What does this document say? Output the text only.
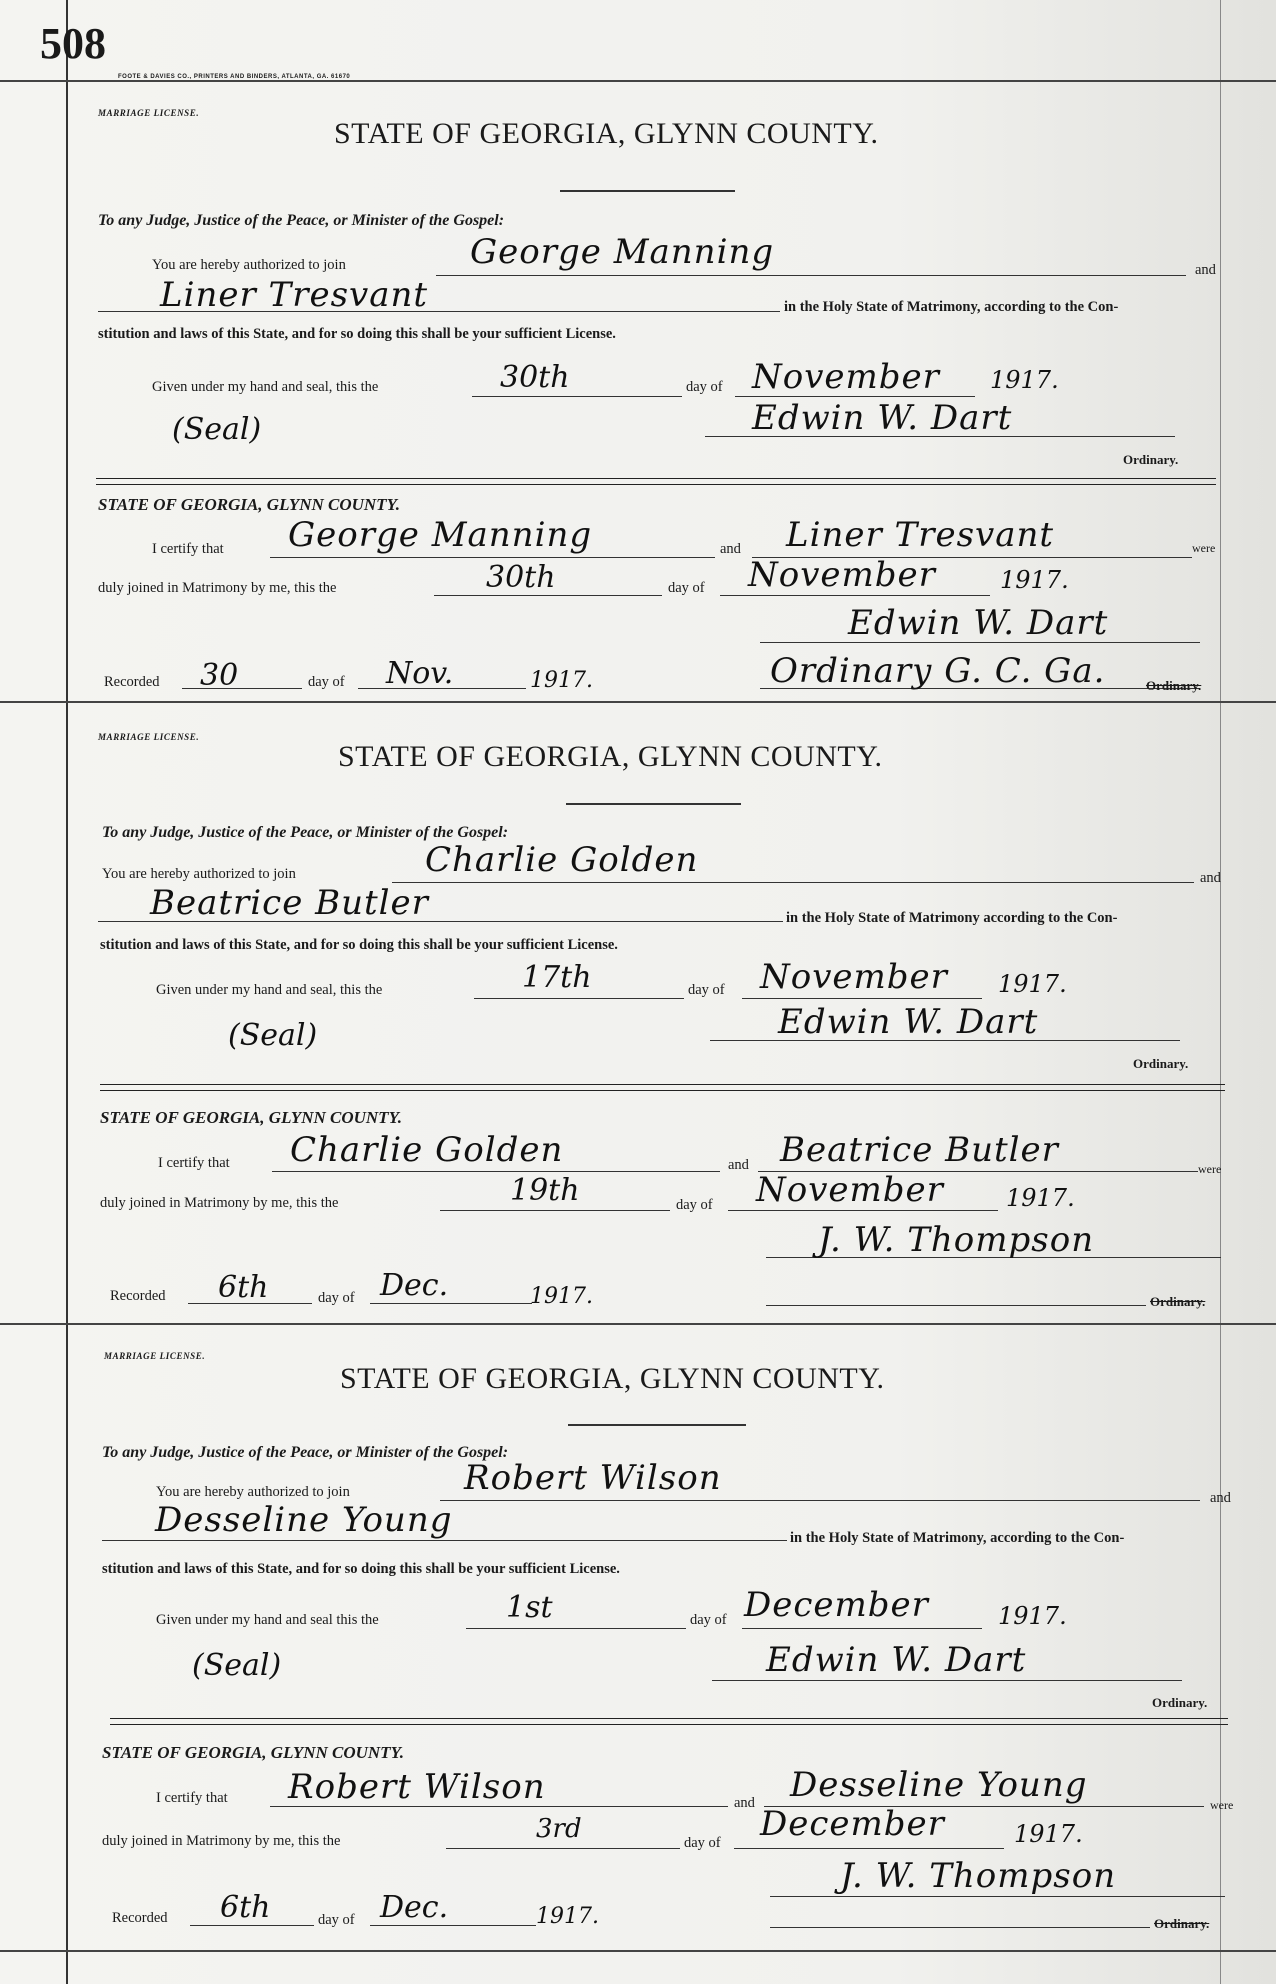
508
FOOTE & DAVIES CO., PRINTERS AND BINDERS, ATLANTA, GA. 61670
MARRIAGE LICENSE.
STATE OF GEORGIA, GLYNN COUNTY.
To any Judge, Justice of the Peace, or Minister of the Gospel:
You are hereby authorized to join	George Manning	and
Liner Tresvant	in the Holy State of Matrimony, according to the Con-
stitution and laws of this State, and for so doing this shall be your sufficient License.
Given under my hand and seal, this the	30th	day of November 1917.
(Seal)	Edwin W. Dart
Ordinary.
STATE OF GEORGIA, GLYNN COUNTY.
I certify that George Manning	and Liner Tresvant	were
duly joined in Matrimony by me, this the	30th	day of November	1917.
Edwin W. Dart
Recorded 30	day of Nov.	1917.	Ordinary G. C. Ga.	Ordinary.
MARRIAGE LICENSE.
STATE OF GEORGIA, GLYNN COUNTY.
To any Judge, Justice of the Peace, or Minister of the Gospel:
You are hereby authorized to join	Charlie Golden	and
Beatrice Butler	in the Holy State of Matrimony according to the Con-
stitution and laws of this State, and for so doing this shall be your sufficient License.
Given under my hand and seal, this the	17th	day of November 1917.
(Seal)	Edwin W. Dart
Ordinary.
STATE OF GEORGIA, GLYNN COUNTY.
I certify that Charlie Golden	and Beatrice Butler	were
duly joined in Matrimony by me, this the	19th	day of November	1917.
J. W. Thompson
Recorded 6th	day of Dec.	1917.	Ordinary.
MARRIAGE LICENSE.
STATE OF GEORGIA, GLYNN COUNTY.
To any Judge, Justice of the Peace, or Minister of the Gospel:
You are hereby authorized to join	Robert Wilson	and
Desseline Young	in the Holy State of Matrimony, according to the Con-
stitution and laws of this State, and for so doing this shall be your sufficient License.
Given under my hand and seal this the	1st	day of December	1917.
(Seal)	Edwin W. Dart
Ordinary.
STATE OF GEORGIA, GLYNN COUNTY.
I certify that Robert Wilson	and Desseline Young	were
duly joined in Matrimony by me, this the	3rd	day of December	1917.
J. W. Thompson
Recorded 6th	day of Dec.	1917.	Ordinary.
